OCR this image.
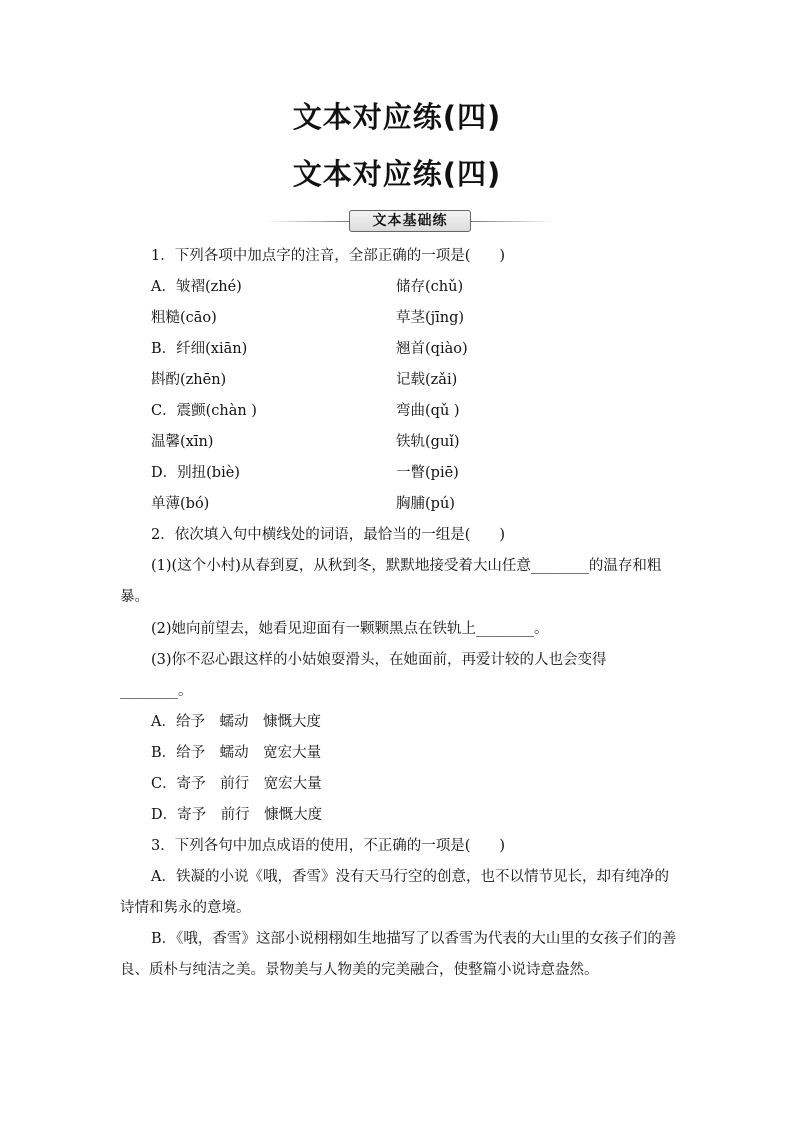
文本对应练(四)
文本对应练(四)
文本基础练
1．下列各项中加点字的注音，全部正确的一项是(　　)
A．皱褶(zhé)	储存(chǔ)
粗糙(cāo)	草茎(jīng)
B．纤细(xiān)	翘首(qiào)
斟酌(zhēn)	记载(zǎi)
C．震颤(chàn )	弯曲(qǔ )
温馨(xīn)	铁轨(guǐ)
D．别扭(biè)	一瞥(piē)
单薄(bó)	胸脯(pú)
2．依次填入句中横线处的词语，最恰当的一组是(　　)
(1)(这个小村)从春到夏，从秋到冬，默默地接受着大山任意________的温存和粗暴。
(2)她向前望去，她看见迎面有一颗颗黑点在铁轨上________。
(3)你不忍心跟这样的小姑娘耍滑头，在她面前，再爱计较的人也会变得________。
A．给予　蠕动　慷慨大度
B．给予　蠕动　宽宏大量
C．寄予　前行　宽宏大量
D．寄予　前行　慷慨大度
3．下列各句中加点成语的使用，不正确的一项是(　　)
A．铁凝的小说《哦，香雪》没有天马行空的创意，也不以情节见长，却有纯净的诗情和隽永的意境。
B．《哦，香雪》这部小说栩栩如生地描写了以香雪为代表的大山里的女孩子们的善良、质朴与纯洁之美。景物美与人物美的完美融合，使整篇小说诗意盎然。
